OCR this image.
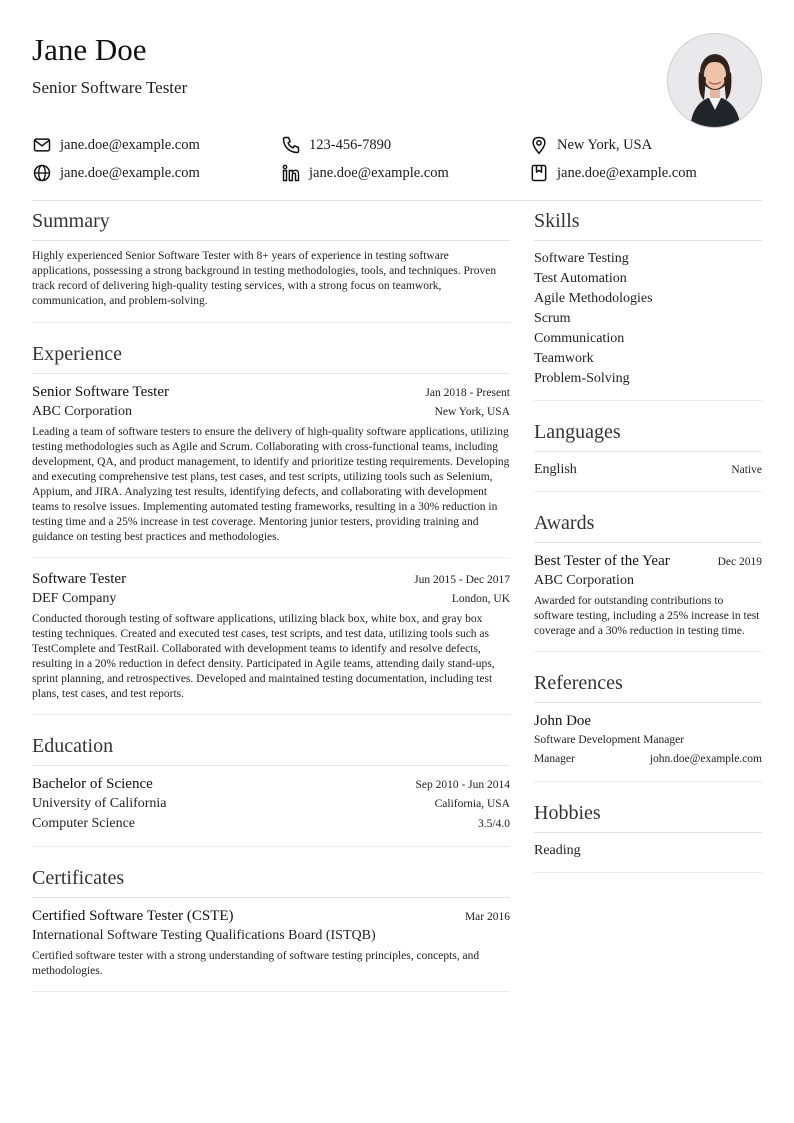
Jane Doe
Senior Software Tester
jane.doe@example.com	123-456-7890	New York, USA
jane.doe@example.com	jane.doe@example.com	jane.doe@example.com
Summary

Highly experienced Senior Software Tester with 8+ years of experience in testing software applications, possessing a strong background in testing methodologies, tools, and techniques. Proven track record of delivering high-quality testing services, with a strong focus on teamwork, communication, and problem-solving.

Experience
Senior Software Tester	Jan 2018 - Present
ABC Corporation	New York, USA

Leading a team of software testers to ensure the delivery of high-quality software applications, utilizing testing methodologies such as Agile and Scrum. Collaborating with cross-functional teams, including development, QA, and product management, to identify and prioritize testing requirements. Developing and executing comprehensive test plans, test cases, and test scripts, utilizing tools such as Selenium, Appium, and JIRA. Analyzing test results, identifying defects, and collaborating with development teams to resolve issues. Implementing automated testing frameworks, resulting in a 30% reduction in testing time and a 25% increase in test coverage. Mentoring junior testers, providing training and guidance on testing best practices and methodologies.

Software Tester	Jun 2015 - Dec 2017
DEF Company	London, UK

Conducted thorough testing of software applications, utilizing black box, white box, and gray box testing techniques. Created and executed test cases, test scripts, and test data, utilizing tools such as TestComplete and TestRail. Collaborated with development teams to identify and resolve defects, resulting in a 20% reduction in defect density. Participated in Agile teams, attending daily stand-ups, sprint planning, and retrospectives. Developed and maintained testing documentation, including test plans, test cases, and test reports.

Education
Bachelor of Science	Sep 2010 - Jun 2014
University of California	California, USA
Computer Science	3.5/4.0
Certificates
Certified Software Tester (CSTE)	Mar 2016
International Software Testing Qualifications Board (ISTQB)

Certified software tester with a strong understanding of software testing principles, concepts, and methodologies.

Skills
Software Testing
Test Automation
Agile Methodologies
Scrum
Communication
Teamwork
Problem-Solving
Languages
English	Native
Awards
Best Tester of the Year	Dec 2019
ABC Corporation

Awarded for outstanding contributions to software testing, including a 25% increase in test coverage and a 30% reduction in testing time.

References
John Doe
Software Development Manager
Manager	john.doe@example.com
Hobbies
Reading
